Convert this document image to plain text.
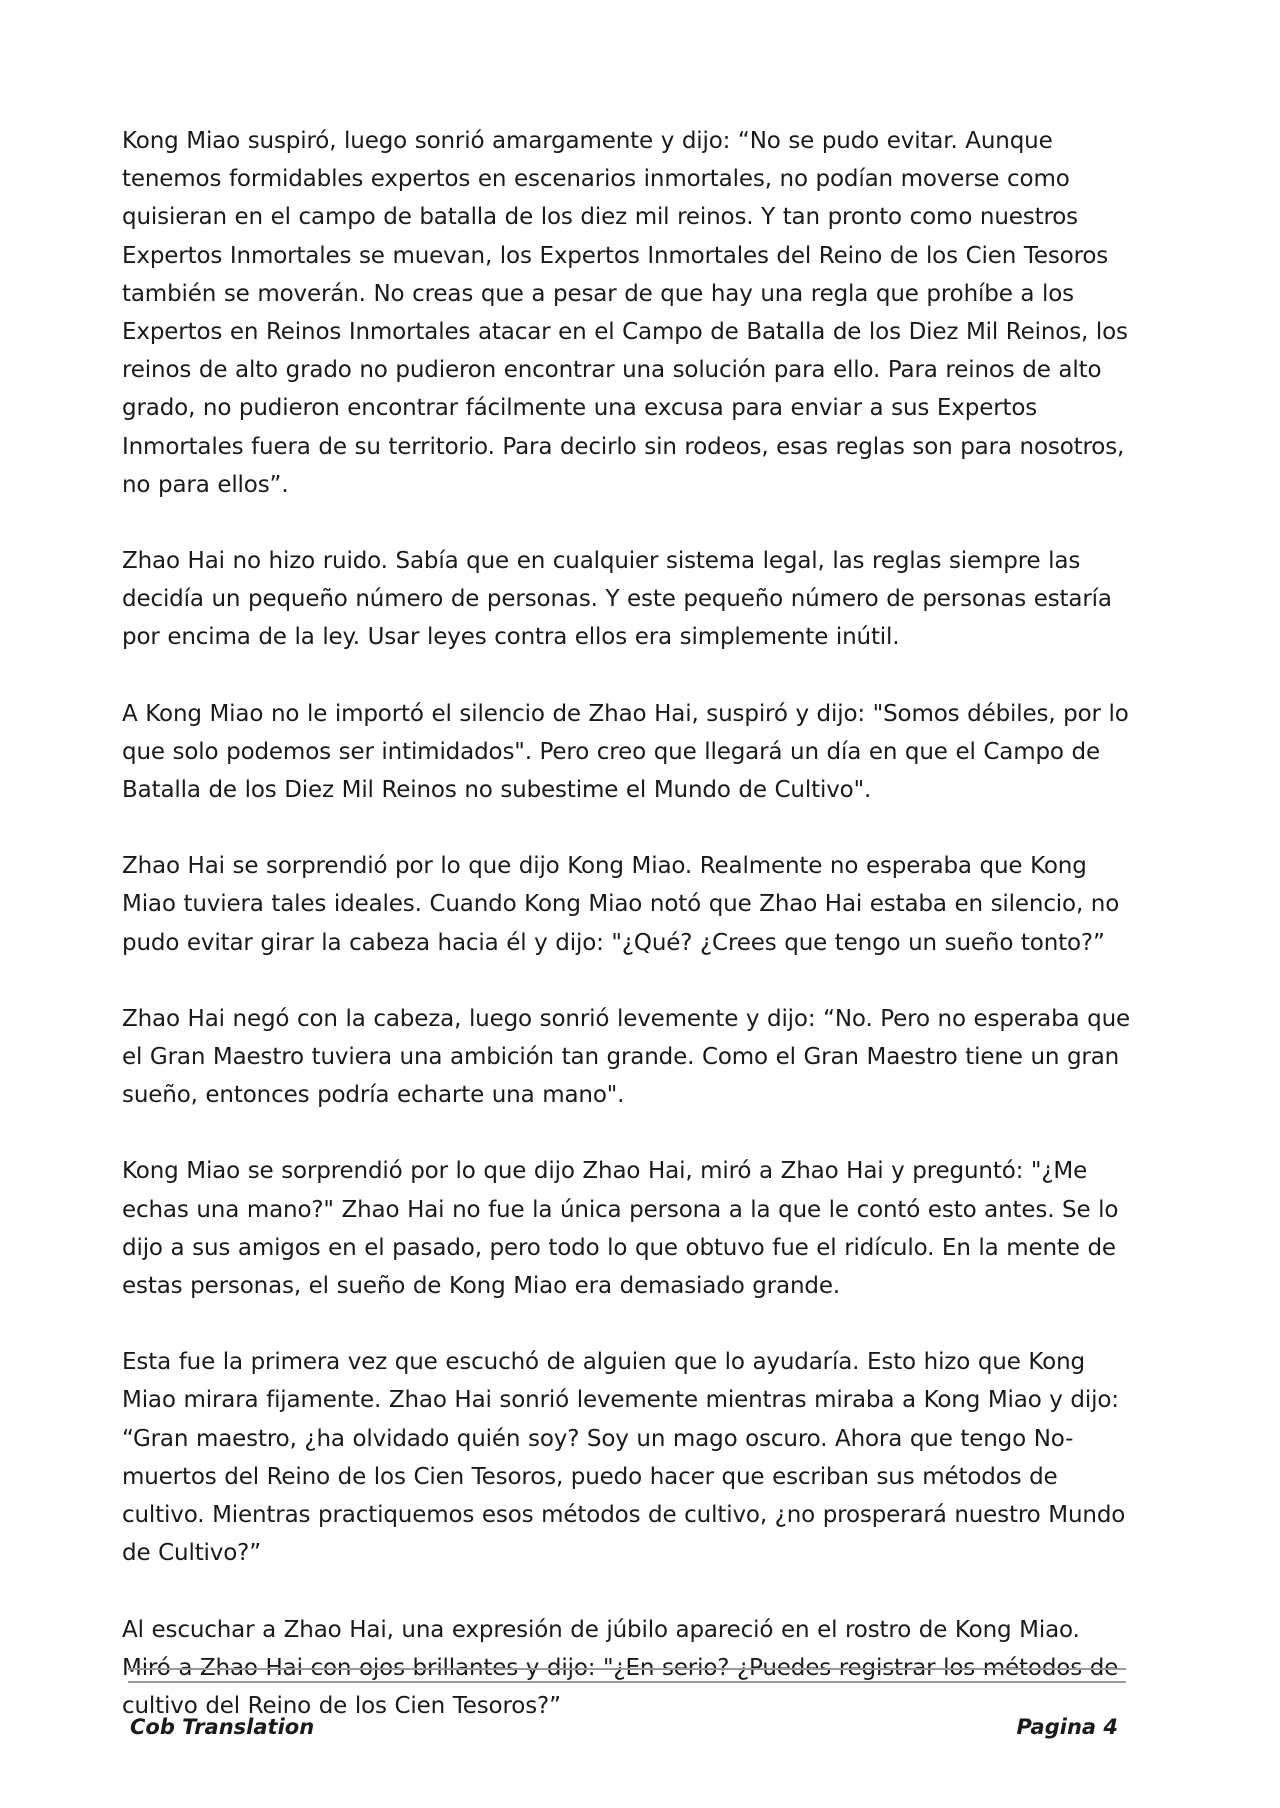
Kong Miao suspiró, luego sonrió amargamente y dijo: “No se pudo evitar. Aunque tenemos formidables expertos en escenarios inmortales, no podían moverse como quisieran en el campo de batalla de los diez mil reinos. Y tan pronto como nuestros Expertos Inmortales se muevan, los Expertos Inmortales del Reino de los Cien Tesoros también se moverán. No creas que a pesar de que hay una regla que prohíbe a los Expertos en Reinos Inmortales atacar en el Campo de Batalla de los Diez Mil Reinos, los reinos de alto grado no pudieron encontrar una solución para ello. Para reinos de alto grado, no pudieron encontrar fácilmente una excusa para enviar a sus Expertos Inmortales fuera de su territorio. Para decirlo sin rodeos, esas reglas son para nosotros, no para ellos”.

Zhao Hai no hizo ruido. Sabía que en cualquier sistema legal, las reglas siempre las decidía un pequeño número de personas. Y este pequeño número de personas estaría por encima de la ley. Usar leyes contra ellos era simplemente inútil.

A Kong Miao no le importó el silencio de Zhao Hai, suspiró y dijo: "Somos débiles, por lo que solo podemos ser intimidados". Pero creo que llegará un día en que el Campo de Batalla de los Diez Mil Reinos no subestime el Mundo de Cultivo".

Zhao Hai se sorprendió por lo que dijo Kong Miao. Realmente no esperaba que Kong Miao tuviera tales ideales. Cuando Kong Miao notó que Zhao Hai estaba en silencio, no pudo evitar girar la cabeza hacia él y dijo: "¿Qué? ¿Crees que tengo un sueño tonto?”

Zhao Hai negó con la cabeza, luego sonrió levemente y dijo: “No. Pero no esperaba que el Gran Maestro tuviera una ambición tan grande. Como el Gran Maestro tiene un gran sueño, entonces podría echarte una mano".

Kong Miao se sorprendió por lo que dijo Zhao Hai, miró a Zhao Hai y preguntó: "¿Me echas una mano?" Zhao Hai no fue la única persona a la que le contó esto antes. Se lo dijo a sus amigos en el pasado, pero todo lo que obtuvo fue el ridículo. En la mente de estas personas, el sueño de Kong Miao era demasiado grande.

Esta fue la primera vez que escuchó de alguien que lo ayudaría. Esto hizo que Kong Miao mirara fijamente. Zhao Hai sonrió levemente mientras miraba a Kong Miao y dijo: “Gran maestro, ¿ha olvidado quién soy? Soy un mago oscuro. Ahora que tengo No-muertos del Reino de los Cien Tesoros, puedo hacer que escriban sus métodos de cultivo. Mientras practiquemos esos métodos de cultivo, ¿no prosperará nuestro Mundo de Cultivo?”

Al escuchar a Zhao Hai, una expresión de júbilo apareció en el rostro de Kong Miao. Miró a Zhao Hai con ojos brillantes y dijo: "¿En serio? ¿Puedes registrar los métodos de cultivo del Reino de los Cien Tesoros?”

Cob Translation	Pagina 4
